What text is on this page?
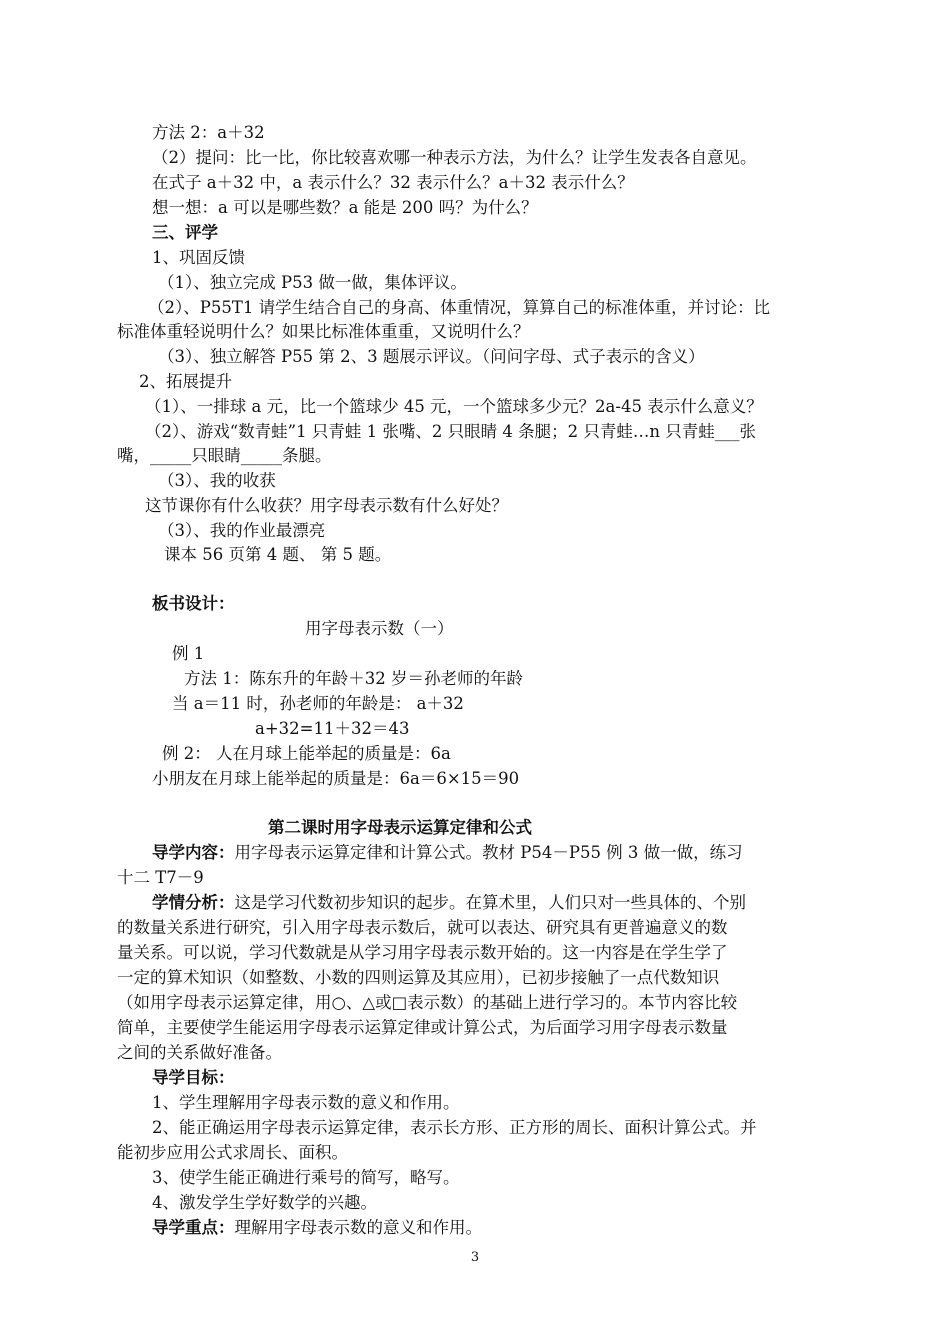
方法 2：a＋32
（2）提问：比一比，你比较喜欢哪一种表示方法，为什么？让学生发表各自意见。
在式子 a＋32 中，a 表示什么？32 表示什么？a＋32 表示什么？
想一想：a 可以是哪些数？a 能是 200 吗？为什么？
三、评学
1、巩固反馈
（1）、独立完成 P53 做一做，集体评议。
（2）、P55T1 请学生结合自己的身高、体重情况，算算自己的标准体重，并讨论：比
标准体重轻说明什么？如果比标准体重重，又说明什么？
（3）、独立解答 P55 第 2、3 题展示评议。（问问字母、式子表示的含义）
2、拓展提升
（1）、一排球 a 元，比一个篮球少 45 元，一个篮球多少元？2a-45 表示什么意义？
（2）、游戏“数青蛙”1 只青蛙 1 张嘴、2 只眼睛 4 条腿；2 只青蛙…n 只青蛙___张
嘴，_____只眼睛_____条腿。
（3）、我的收获
这节课你有什么收获？用字母表示数有什么好处？
（3）、我的作业最漂亮
课本 56 页第 4 题、 第 5 题。
板书设计：
用字母表示数（一）
例 1
方法 1：陈东升的年龄＋32 岁＝孙老师的年龄
当 a＝11 时，孙老师的年龄是： a＋32
a+32=11＋32＝43
例 2： 人在月球上能举起的质量是：6a
小朋友在月球上能举起的质量是：6a＝6×15＝90
第二课时用字母表示运算定律和公式
导学内容：用字母表示运算定律和计算公式。教材 P54－P55 例 3 做一做，练习
十二 T7－9
学情分析：这是学习代数初步知识的起步。在算术里，人们只对一些具体的、个别
的数量关系进行研究，引入用字母表示数后，就可以表达、研究具有更普遍意义的数
量关系。可以说，学习代数就是从学习用字母表示数开始的。这一内容是在学生学了
一定的算术知识（如整数、小数的四则运算及其应用），已初步接触了一点代数知识
（如用字母表示运算定律，用○、△或□表示数）的基础上进行学习的。本节内容比较
简单，主要使学生能运用字母表示运算定律或计算公式，为后面学习用字母表示数量
之间的关系做好准备。
导学目标：
1、学生理解用字母表示数的意义和作用。
2、能正确运用字母表示运算定律，表示长方形、正方形的周长、面积计算公式。并
能初步应用公式求周长、面积。
3、使学生能正确进行乘号的简写，略写。
4、激发学生学好数学的兴趣。
导学重点：理解用字母表示数的意义和作用。
3
